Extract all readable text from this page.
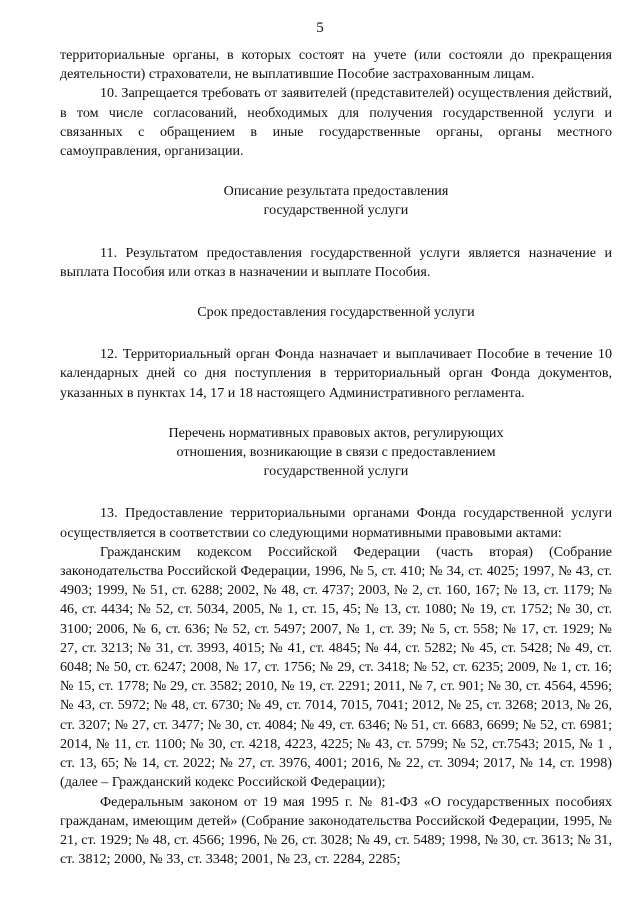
5

территориальные органы, в которых состоят на учете (или состояли до прекращения деятельности) страхователи, не выплатившие Пособие застрахованным лицам.

10. Запрещается требовать от заявителей (представителей) осуществления действий, в том числе согласований, необходимых для получения государственной услуги и связанных с обращением в иные государственные органы, органы местного самоуправления, организации.

Описание результата предоставления

государственной услуги

11. Результатом предоставления государственной услуги является назначение и выплата Пособия или отказ в назначении и выплате Пособия.

Срок предоставления государственной услуги

12. Территориальный орган Фонда назначает и выплачивает Пособие в течение 10 календарных дней со дня поступления в территориальный орган Фонда документов, указанных в пунктах 14, 17 и 18 настоящего Административного регламента.

Перечень нормативных правовых актов, регулирующих

отношения, возникающие в связи с предоставлением

государственной услуги

13. Предоставление территориальными органами Фонда государственной услуги осуществляется в соответствии со следующими нормативными правовыми актами:

Гражданским кодексом Российской Федерации (часть вторая) (Собрание законодательства Российской Федерации, 1996, № 5, ст. 410; № 34, ст. 4025; 1997, № 43, ст. 4903; 1999, № 51, ст. 6288; 2002, № 48, ст. 4737; 2003, № 2, ст. 160, 167; № 13, ст. 1179; № 46, ст. 4434; № 52, ст. 5034, 2005, № 1, ст. 15, 45; № 13, ст. 1080; № 19, ст. 1752; № 30, ст. 3100; 2006, № 6, ст. 636; № 52, ст. 5497; 2007, № 1, ст. 39; № 5, ст. 558; № 17, ст. 1929; № 27, ст. 3213; № 31, ст. 3993, 4015; № 41, ст. 4845; № 44, ст. 5282; № 45, ст. 5428; № 49, ст. 6048; № 50, ст. 6247; 2008, № 17, ст. 1756; № 29, ст. 3418; № 52, ст. 6235; 2009, № 1, ст. 16; № 15, ст. 1778; № 29, ст. 3582; 2010, № 19, ст. 2291; 2011, № 7, ст. 901; № 30, ст. 4564, 4596; № 43, ст. 5972; № 48, ст. 6730; № 49, ст. 7014, 7015, 7041; 2012, № 25, ст. 3268; 2013, № 26, ст. 3207; № 27, ст. 3477; № 30, ст. 4084; № 49, ст. 6346; № 51, ст. 6683, 6699; № 52, ст. 6981; 2014, № 11, ст. 1100; № 30, ст. 4218, 4223, 4225; № 43, ст. 5799; № 52, ст.7543; 2015, № 1 , ст. 13, 65; № 14, ст. 2022; № 27, ст. 3976, 4001; 2016, № 22, ст. 3094; 2017, № 14, ст. 1998) (далее – Гражданский кодекс Российской Федерации);

Федеральным законом от 19 мая 1995 г. № 81-ФЗ «О государственных пособиях гражданам, имеющим детей» (Собрание законодательства Российской Федерации, 1995, № 21, ст. 1929; № 48, ст. 4566; 1996, № 26, ст. 3028; № 49, ст. 5489; 1998, № 30, ст. 3613; № 31, ст. 3812; 2000, № 33, ст. 3348; 2001, № 23, ст. 2284, 2285;
